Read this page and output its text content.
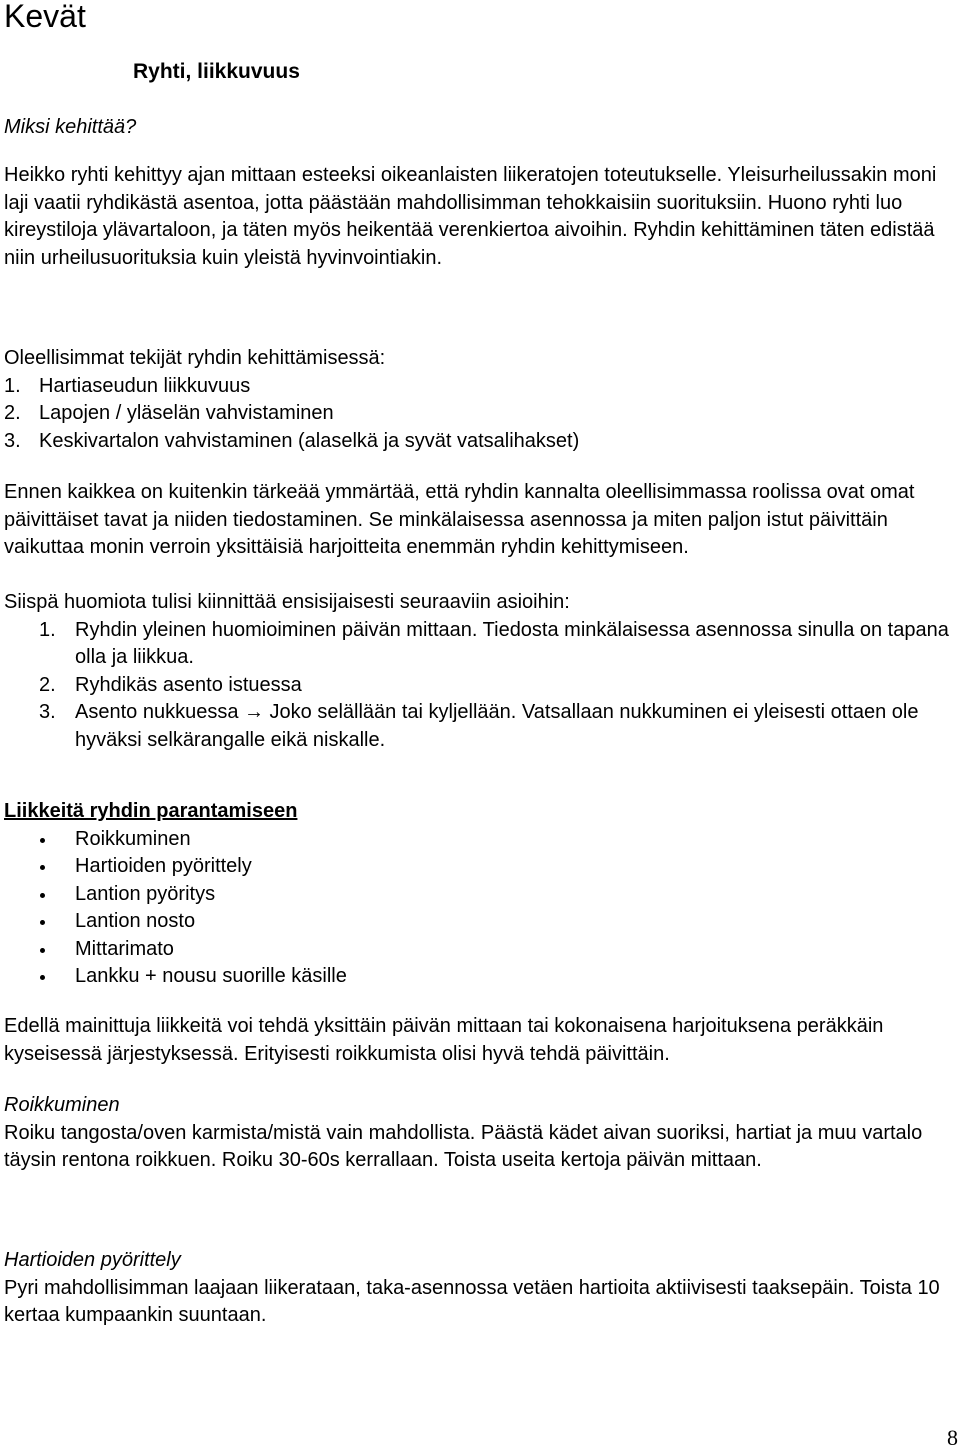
Kevät
Ryhti, liikkuvuus

Miksi kehittää?

Heikko ryhti kehittyy ajan mittaan esteeksi oikeanlaisten liikeratojen toteutukselle. Yleisurheilussakin moni laji vaatii ryhdikästä asentoa, jotta päästään mahdollisimman tehokkaisiin suorituksiin. Huono ryhti luo kireystiloja ylävartaloon, ja täten myös heikentää verenkiertoa aivoihin. Ryhdin kehittäminen täten edistää niin urheilusuorituksia kuin yleistä hyvinvointiakin.

Oleellisimmat tekijät ryhdin kehittämisessä:

1. Hartiaseudun liikkuvuus
2. Lapojen / yläselän vahvistaminen
3. Keskivartalon vahvistaminen (alaselkä ja syvät vatsalihakset)

Ennen kaikkea on kuitenkin tärkeää ymmärtää, että ryhdin kannalta oleellisimmassa roolissa ovat omat päivittäiset tavat ja niiden tiedostaminen. Se minkälaisessa asennossa ja miten paljon istut päivittäin vaikuttaa monin verroin yksittäisiä harjoitteita enemmän ryhdin kehittymiseen.

Siispä huomiota tulisi kiinnittää ensisijaisesti seuraaviin asioihin:

1. Ryhdin yleinen huomioiminen päivän mittaan. Tiedosta minkälaisessa asennossa sinulla on tapana olla ja liikkua.
2. Ryhdikäs asento istuessa
3. Asento nukkuessa → Joko selällään tai kyljellään. Vatsallaan nukkuminen ei yleisesti ottaen ole hyväksi selkärangalle eikä niskalle.

Liikkeitä ryhdin parantamiseen

Roikkuminen
Hartioiden pyörittely
Lantion pyöritys
Lantion nosto
Mittarimato
Lankku + nousu suorille käsille

Edellä mainittuja liikkeitä voi tehdä yksittäin päivän mittaan tai kokonaisena harjoituksena peräkkäin kyseisessä järjestyksessä. Erityisesti roikkumista olisi hyvä tehdä päivittäin.

Roikkuminen

Roiku tangosta/oven karmista/mistä vain mahdollista. Päästä kädet aivan suoriksi, hartiat ja muu vartalo täysin rentona roikkuen. Roiku 30-60s kerrallaan. Toista useita kertoja päivän mittaan.

Hartioiden pyörittely

Pyri mahdollisimman laajaan liikerataan, taka-asennossa vetäen hartioita aktiivisesti taaksepäin. Toista 10 kertaa kumpaankin suuntaan.

8
